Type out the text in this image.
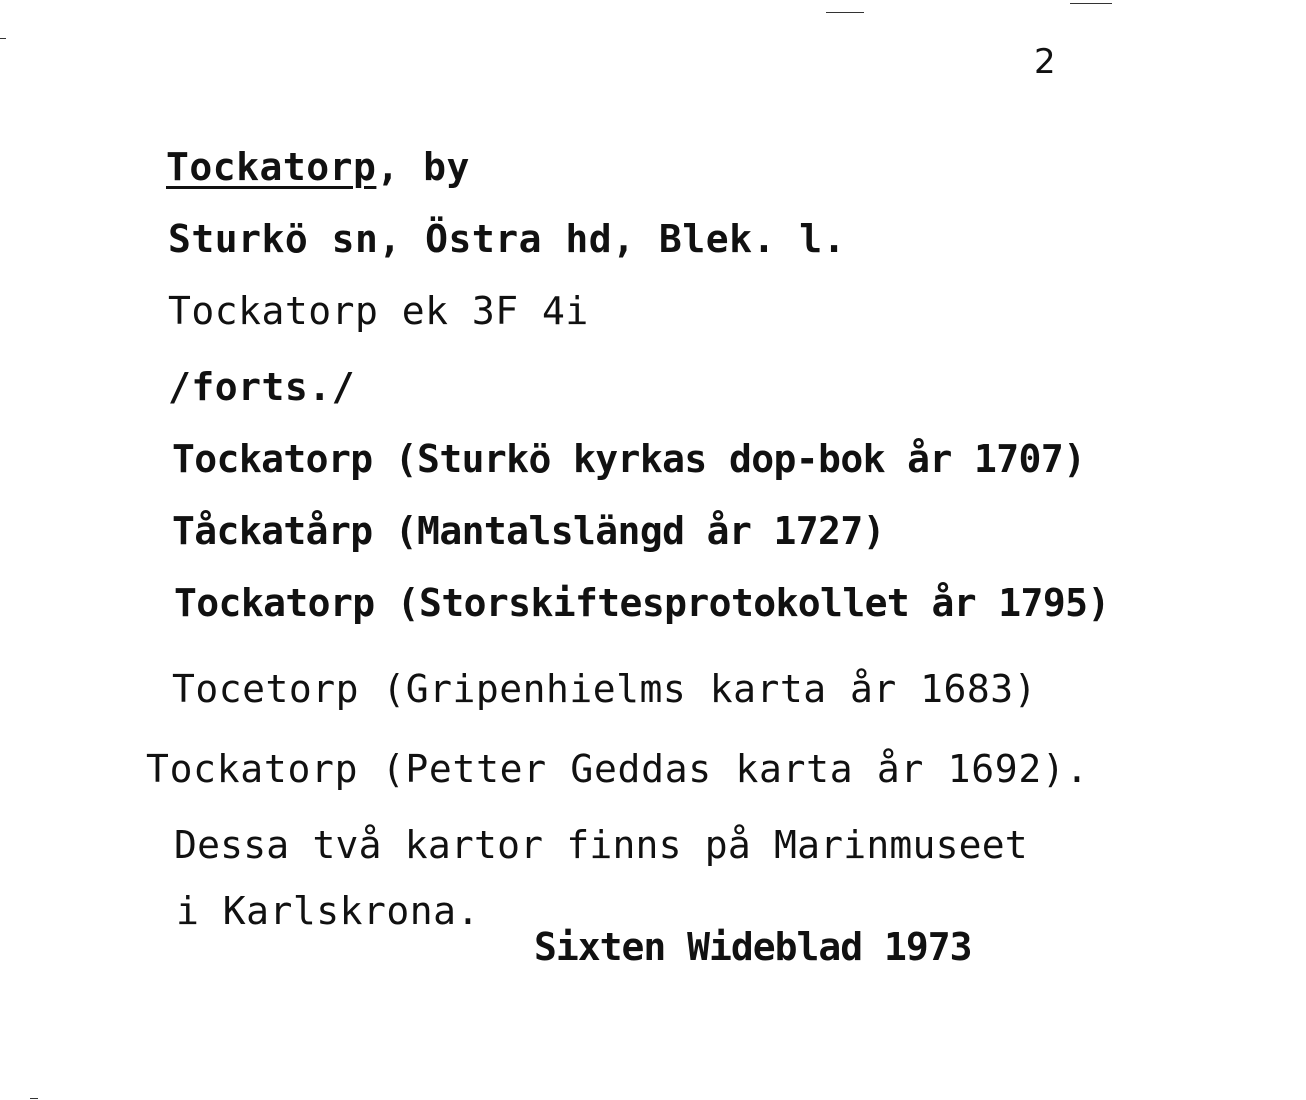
2
Tockatorp, by
Sturkö sn, Östra hd, Blek. l.
Tockatorp ek 3F 4i
/forts./
Tockatorp (Sturkö kyrkas dop-bok år 1707)
Tåckatårp (Mantalslängd år 1727)
Tockatorp (Storskiftesprotokollet år 1795)
Tocetorp (Gripenhielms karta år 1683)
Tockatorp (Petter Geddas karta år 1692).
Dessa två kartor finns på Marinmuseet
i Karlskrona.
Sixten Wideblad 1973
